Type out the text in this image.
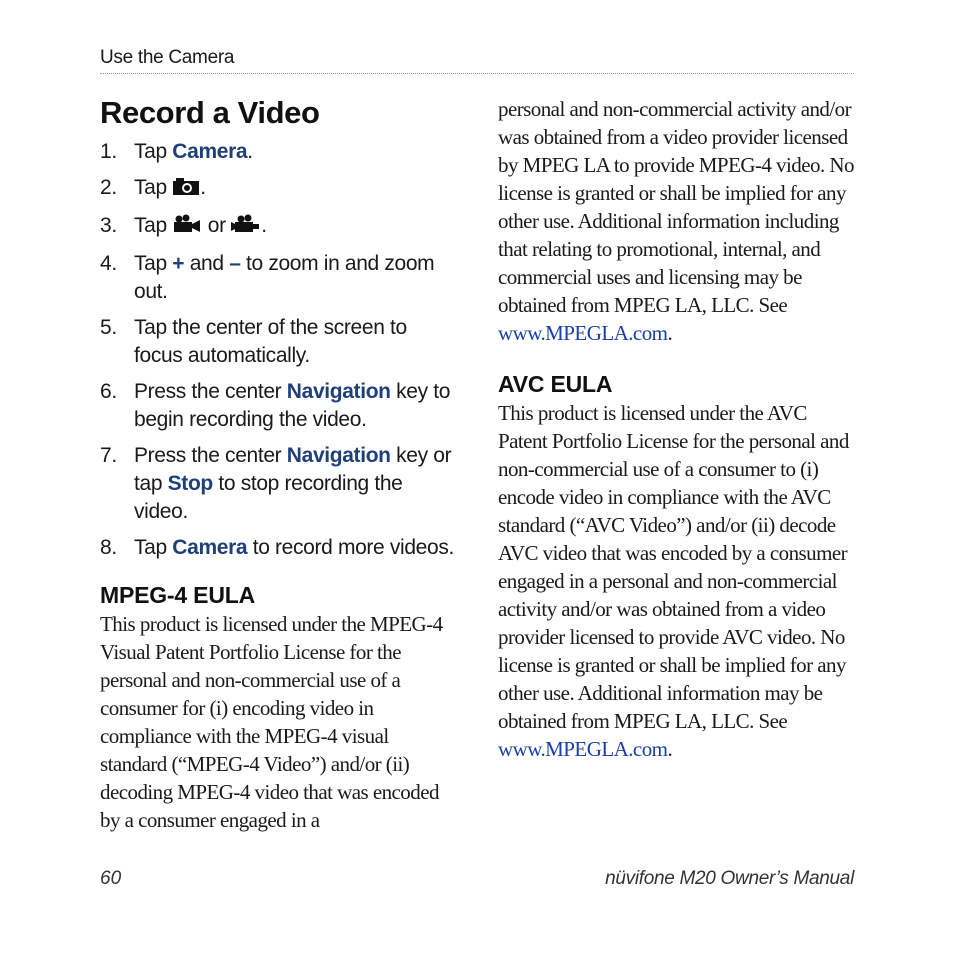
Use the Camera
Record a Video
1. Tap Camera.
2. Tap .
3. Tap  or .
4. Tap + and – to zoom in and zoom out.
5. Tap the center of the screen to focus automatically.
6. Press the center Navigation key to begin recording the video.
7. Press the center Navigation key or tap Stop to stop recording the video.
8. Tap Camera to record more videos.
MPEG-4 EULA

This product is licensed under the MPEG-4 Visual Patent Portfolio License for the personal and non-commercial use of a consumer for (i) encoding video in compliance with the MPEG-4 visual standard (“MPEG-4 Video”) and/or (ii) decoding MPEG-4 video that was encoded by a consumer engaged in a

personal and non-commercial activity and/or was obtained from a video provider licensed by MPEG LA to provide MPEG-4 video. No license is granted or shall be implied for any other use. Additional information including that relating to promotional, internal, and commercial uses and licensing may be obtained from MPEG LA, LLC. See www.MPEGLA.com.

AVC EULA

This product is licensed under the AVC Patent Portfolio License for the personal and non-commercial use of a consumer to (i) encode video in compliance with the AVC standard (“AVC Video”) and/or (ii) decode AVC video that was encoded by a consumer engaged in a personal and non-commercial activity and/or was obtained from a video provider licensed to provide AVC video. No license is granted or shall be implied for any other use. Additional information may be obtained from MPEG LA, LLC. See www.MPEGLA.com.

60	nüvifone M20 Owner’s Manual
